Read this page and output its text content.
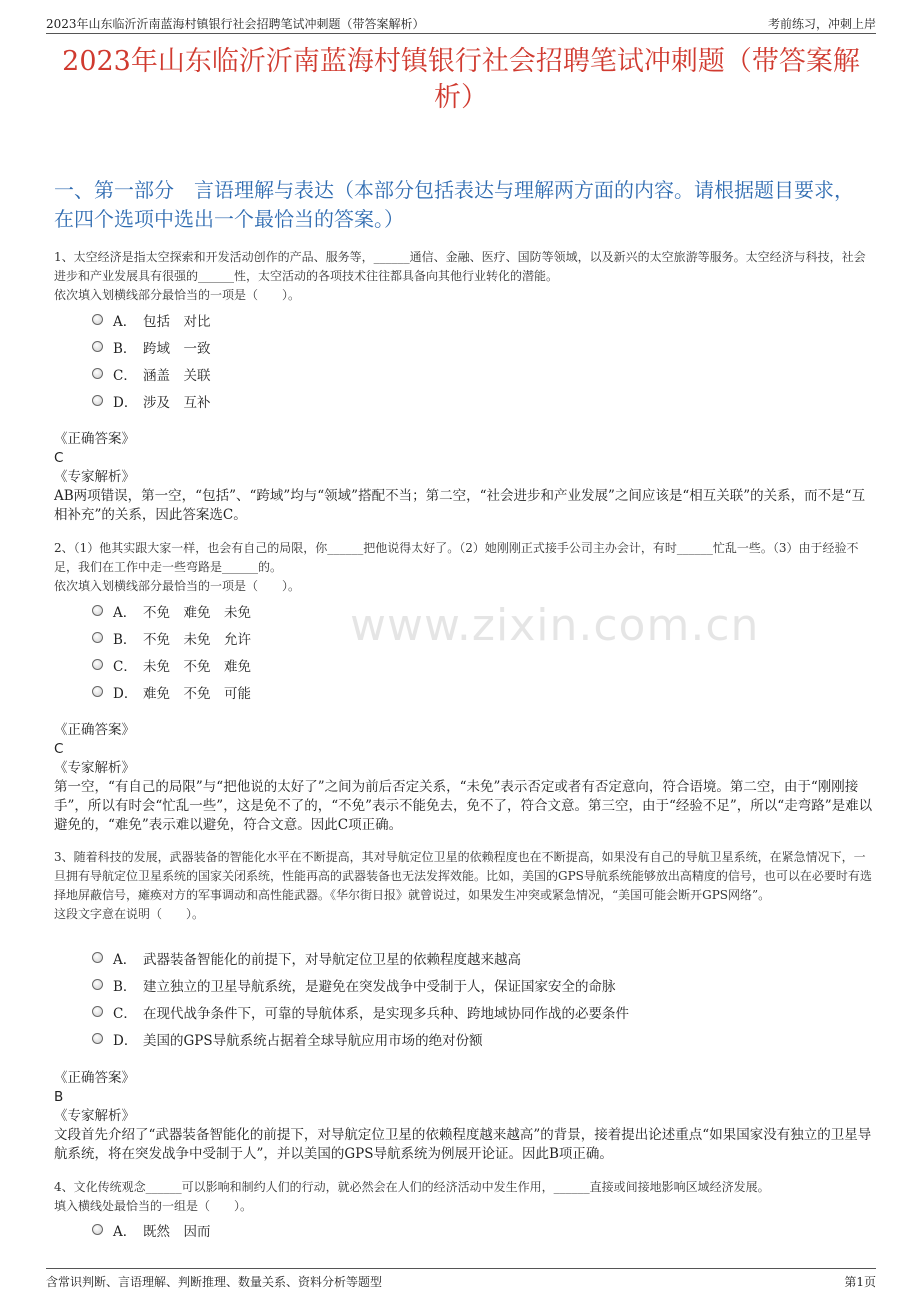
2023年山东临沂沂南蓝海村镇银行社会招聘笔试冲刺题（带答案解析）	考前练习，冲刺上岸
2023年山东临沂沂南蓝海村镇银行社会招聘笔试冲刺题（带答案解析）
一、第一部分　言语理解与表达（本部分包括表达与理解两方面的内容。请根据题目要求，在四个选项中选出一个最恰当的答案。）
www.zixin.com.cn
1、太空经济是指太空探索和开发活动创作的产品、服务等，______通信、金融、医疗、国防等领域，以及新兴的太空旅游等服务。太空经济与科技，社会进步和产业发展具有很强的______性，太空活动的各项技术往往都具备向其他行业转化的潜能。
依次填入划横线部分最恰当的一项是（　　）。
A． 包括　对比
B． 跨域　一致
C． 涵盖　关联
D． 涉及　互补
《正确答案》
C
《专家解析》
AB两项错误，第一空，“包括”、“跨域”均与“领域”搭配不当；第二空，“社会进步和产业发展”之间应该是“相互关联”的关系，而不是“互相补充”的关系，因此答案选C。
2、（1）他其实跟大家一样，也会有自己的局限，你______把他说得太好了。（2）她刚刚正式接手公司主办会计，有时______忙乱一些。（3）由于经验不足，我们在工作中走一些弯路是______的。
依次填入划横线部分最恰当的一项是（　　）。
A． 不免　难免　未免
B． 不免　未免　允许
C． 未免　不免　难免
D． 难免　不免　可能
《正确答案》
C
《专家解析》
第一空，“有自己的局限”与“把他说的太好了”之间为前后否定关系，“未免”表示否定或者有否定意向，符合语境。第二空，由于“刚刚接手”，所以有时会“忙乱一些”，这是免不了的，“不免”表示不能免去，免不了，符合文意。第三空，由于“经验不足”，所以“走弯路”是难以避免的，“难免”表示难以避免，符合文意。因此C项正确。
3、随着科技的发展，武器装备的智能化水平在不断提高，其对导航定位卫星的依赖程度也在不断提高，如果没有自己的导航卫星系统，在紧急情况下，一旦拥有导航定位卫星系统的国家关闭系统，性能再高的武器装备也无法发挥效能。比如，美国的GPS导航系统能够放出高精度的信号，也可以在必要时有选择地屏蔽信号，瘫痪对方的军事调动和高性能武器。《华尔街日报》就曾说过，如果发生冲突或紧急情况，“美国可能会断开GPS网络”。
这段文字意在说明（　　）。
A． 武器装备智能化的前提下，对导航定位卫星的依赖程度越来越高
B． 建立独立的卫星导航系统，是避免在突发战争中受制于人，保证国家安全的命脉
C． 在现代战争条件下，可靠的导航体系，是实现多兵种、跨地域协同作战的必要条件
D． 美国的GPS导航系统占据着全球导航应用市场的绝对份额
《正确答案》
B
《专家解析》
文段首先介绍了“武器装备智能化的前提下，对导航定位卫星的依赖程度越来越高”的背景，接着提出论述重点“如果国家没有独立的卫星导航系统，将在突发战争中受制于人”，并以美国的GPS导航系统为例展开论证。因此B项正确。
4、文化传统观念______可以影响和制约人们的行动，就必然会在人们的经济活动中发生作用，______直接或间接地影响区域经济发展。
填入横线处最恰当的一组是（　　）。
A． 既然　因而
含常识判断、言语理解、判断推理、数量关系、资料分析等题型	第1页
